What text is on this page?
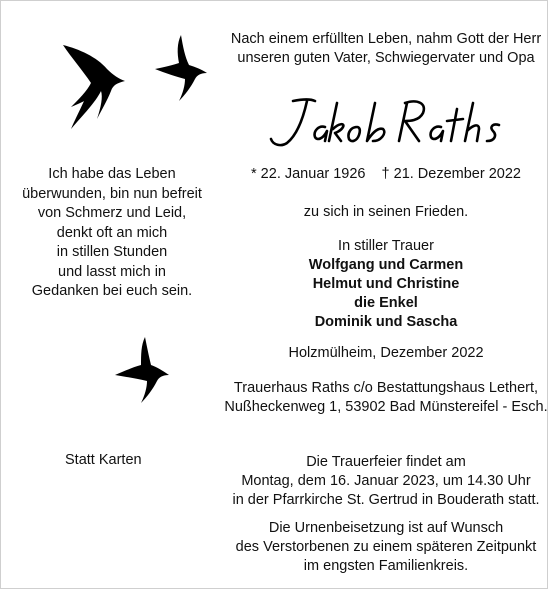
Ich habe das Leben
überwunden, bin nun befreit
von Schmerz und Leid,
denkt oft an mich
in stillen Stunden
und lasst mich in
Gedanken bei euch sein.
Statt Karten
Nach einem erfüllten Leben, nahm Gott der Herr
unseren guten Vater, Schwiegervater und Opa
* 22. Januar 1926 † 21. Dezember 2022
zu sich in seinen Frieden.
In stiller Trauer
Wolfgang und Carmen
Helmut und Christine
die Enkel
Dominik und Sascha
Holzmülheim, Dezember 2022
Trauerhaus Raths c/o Bestattungshaus Lethert,
Nußheckenweg 1, 53902 Bad Münstereifel - Esch.
Die Trauerfeier findet am
Montag, dem 16. Januar 2023, um 14.30 Uhr
in der Pfarrkirche St. Gertrud in Bouderath statt.
Die Urnenbeisetzung ist auf Wunsch
des Verstorbenen zu einem späteren Zeitpunkt
im engsten Familienkreis.
